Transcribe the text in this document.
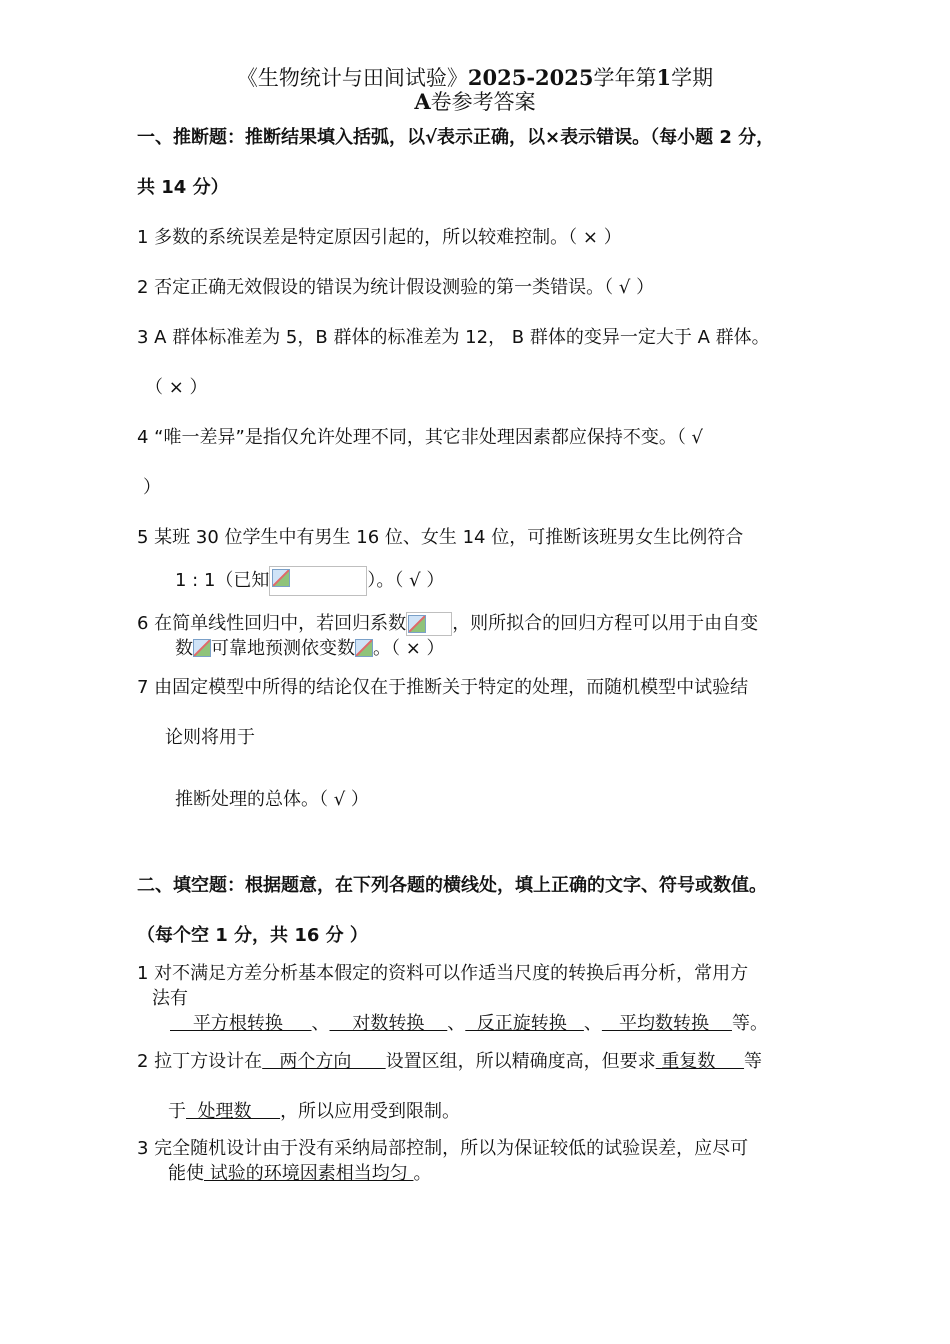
《生物统计与田间试验》2025-2025学年第1学期
A卷参考答案
一、推断题：推断结果填入括弧，以√表示正确，以×表示错误。（每小题 2 分，
共 14 分）
1 多数的系统误差是特定原因引起的，所以较难控制。（ × ）
2 否定正确无效假设的错误为统计假设测验的第一类错误。（ √ ）
3 A 群体标准差为 5，B 群体的标准差为 12， B 群体的变异一定大于 A 群体。
（ × ）
4 “唯一差异”是指仅允许处理不同，其它非处理因素都应保持不变。（ √
）
5 某班 30 位学生中有男生 16 位、女生 14 位，可推断该班男女生比例符合
1 : 1（已知	）。（ √ ）
6 在简单线性回归中，若回归系数	，则所拟合的回归方程可以用于由自变
数 可靠地预测依变数 。（ × ）
7 由固定模型中所得的结论仅在于推断关于特定的处理，而随机模型中试验结
论则将用于
推断处理的总体。（ √ ）
二、填空题：根据题意，在下列各题的横线处，填上正确的文字、符号或数值。
（每个空 1 分，共 16 分 ）
1 对不满足方差分析基本假定的资料可以作适当尺度的转换后再分析，常用方
法有
平方根转换     、    对数转换    、  反正旋转换   、   平均数转换    等。
2 拉丁方设计在   两个方向      设置区组，所以精确度高，但要求 重复数     等
于  处理数     ，所以应用受到限制。
3 完全随机设计由于没有采纳局部控制，所以为保证较低的试验误差，应尽可
能使 试验的环境因素相当均匀 。
